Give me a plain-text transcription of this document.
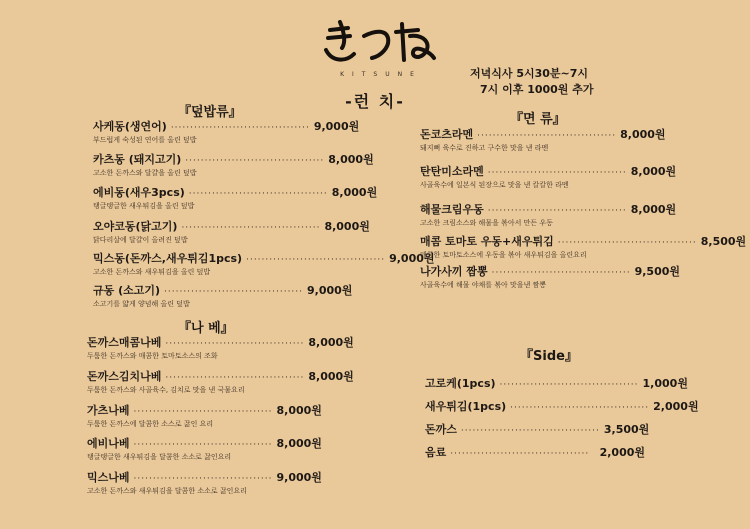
KITSUNE
-런 치-
저녁식사 5시30분~7시
7시 이후 1000원 추가
『덮밥류』
사케동(생연어) ···································· 9,000원
부드럽게 숙성된 연어를 올린 덮밥
카츠동 (돼지고기) ···································· 8,000원
고소한 돈까스와 달걀을 올린 덮밥
에비동(새우3pcs) ···································· 8,000원
탱글탱글한 새우튀김을 올린 덮밥
오야코동(닭고기) ···································· 8,000원
닭다리살에 달걀이 올려진 덮밥
믹스동(돈까스,새우튀김1pcs) ···································· 9,000원
고소한 돈까스와 새우튀김을 올린 덮밥
규동 (소고기) ···································· 9,000원
소고기를 얇게 양념해 올린 덮밥
『나 베』
돈까스매콤나베 ···································· 8,000원
두툼한 돈까스와 매콤한 토마토소스의 조화
돈까스김치나베 ···································· 8,000원
두툼한 돈까스와 사골육수, 김치로 맛을 낸 국물요리
가츠나베 ···································· 8,000원
두툼한 돈까스에 달콤한 소스로 끓인 요리
에비나베 ···································· 8,000원
탱글탱글한 새우튀김을 달콤한 소소로 끓인요리
믹스나베 ···································· 9,000원
고소한 돈까스와 새우튀김을 달콤한 소소로 끓인요리
『면 류』
돈코츠라멘 ···································· 8,000원
돼지뼈 육수로 진하고 구수한 맛을 낸 라멘
탄탄미소라멘 ···································· 8,000원
사골육수에 일본식 된장으로 맛을 낸 칼칼한 라멘
해물크림우동 ···································· 8,000원
고소한 크림소스와 해물을 볶아서 만든 우동
매콤 토마토 우동+새우튀김 ···································· 8,500원
매콤한 토마토소스에 우동을 볶아 새우튀김을 올린요리
나가사끼 짬뽕 ···································· 9,500원
사골육수에 해물 야채를 볶아 맛을낸 짬뽕
『Side』
고로케(1pcs) ···································· 1,000원
새우튀김(1pcs) ···································· 2,000원
돈까스 ···································· 3,500원
음료 ···································· 2,000원
